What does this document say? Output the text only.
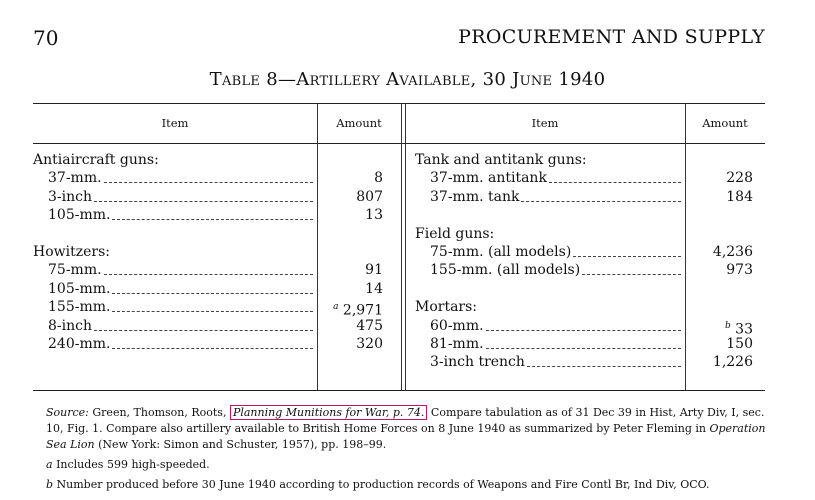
70	PROCUREMENT AND SUPPLY
Table 8—Artillery Available, 30 June 1940
Item	Amount	Item	Amount
Antiaircraft guns:
37-mm.	8
3-inch	807
105-mm.	13
Howitzers:
75-mm.	91
105-mm.	14
155-mm.	$^a$ 2,971
8-inch	475
240-mm.	320
Tank and antitank guns:
37-mm. antitank	228
37-mm. tank	184
Field guns:
75-mm. (all models)	4,236
155-mm. (all models)	973
Mortars:
60-mm.	$^b$ 33
81-mm.	150
3-inch trench	1,226

Source: Green, Thomson, Roots, Planning Munitions for War, p. 74. Compare tabulation as of 31 Dec 39 in Hist, Arty Div, I, sec. 10, Fig. 1. Compare also artillery available to British Home Forces on 8 June 1940 as summarized by Peter Fleming in Operation Sea Lion (New York: Simon and Schuster, 1957), pp. 198–99.

a Includes 599 high-speeded.

b Number produced before 30 June 1940 according to production records of Weapons and Fire Contl Br, Ind Div, OCO.
